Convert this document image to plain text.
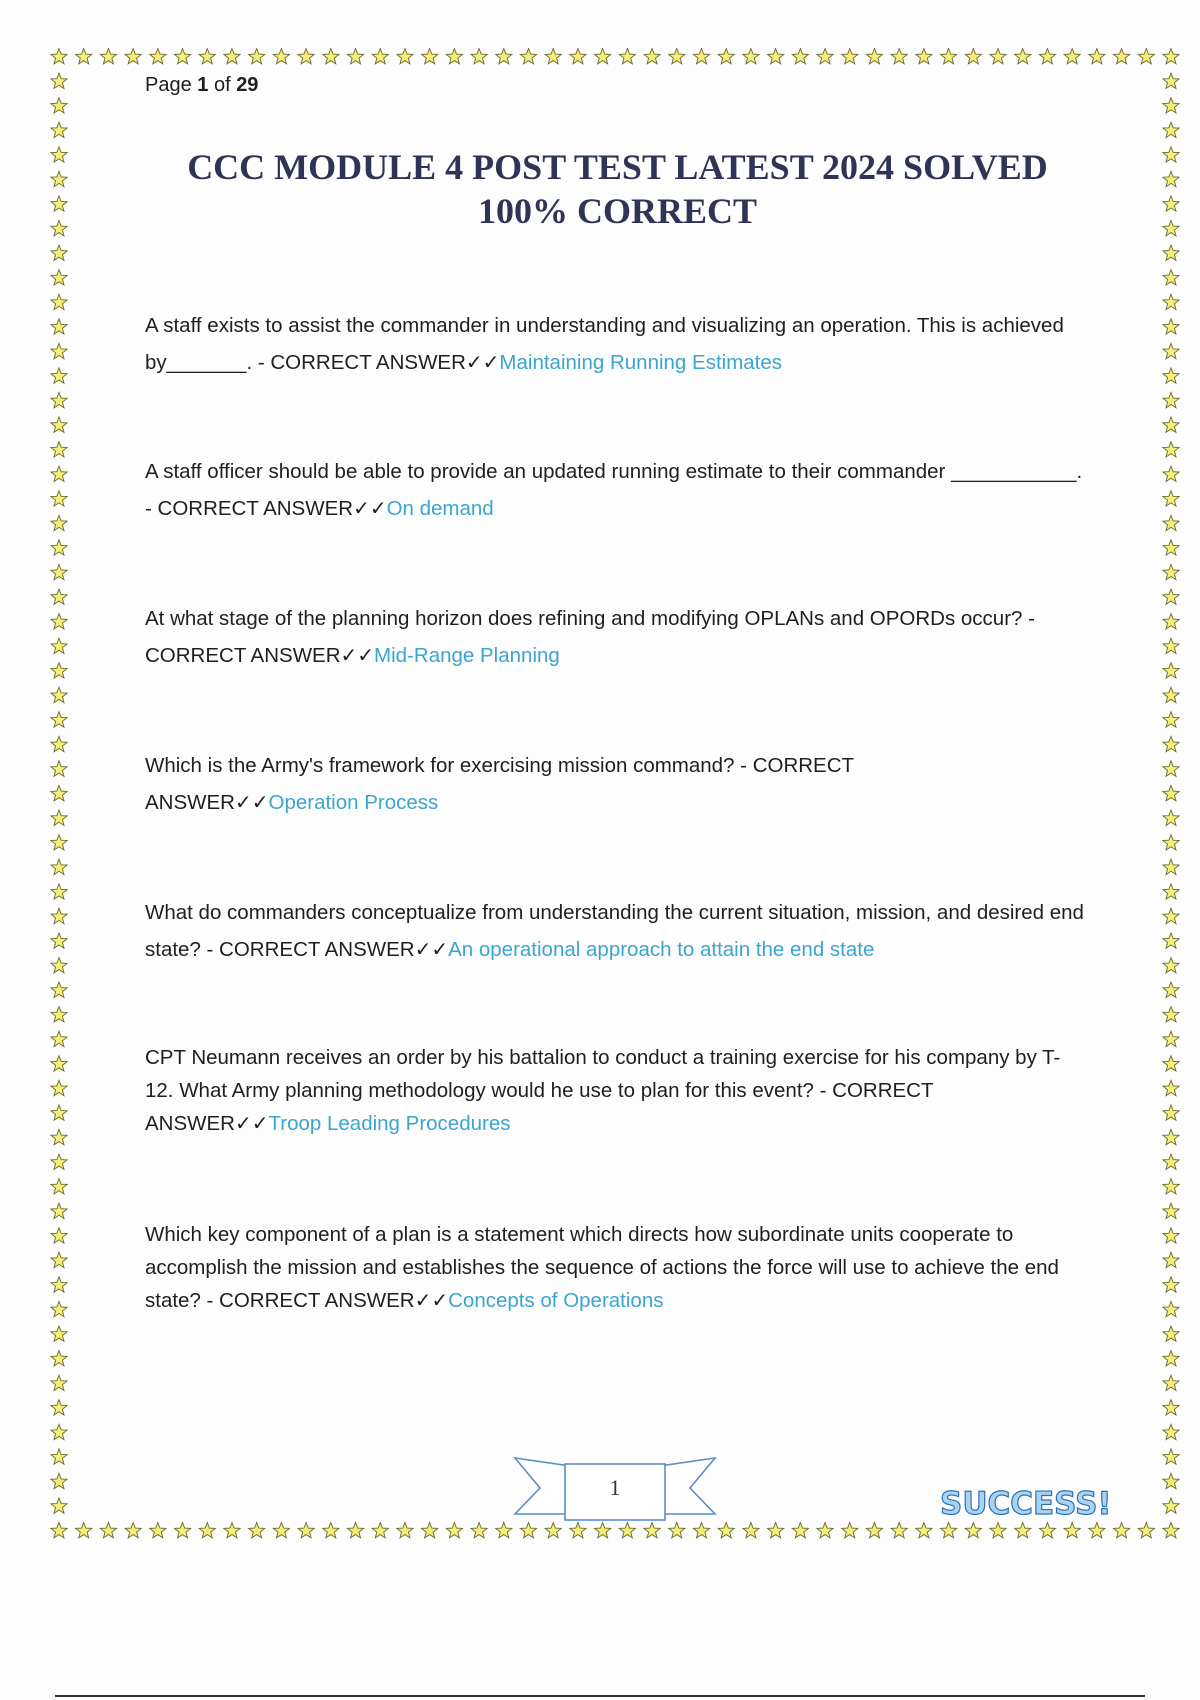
Page 1 of 29
CCC MODULE 4 POST TEST LATEST 2024 SOLVED 100% CORRECT
A staff exists to assist the commander in understanding and visualizing an operation. This is achieved by_______. - CORRECT ANSWER✓✓Maintaining Running Estimates
A staff officer should be able to provide an updated running estimate to their commander ___________. - CORRECT ANSWER✓✓On demand
At what stage of the planning horizon does refining and modifying OPLANs and OPORDs occur? - CORRECT ANSWER✓✓Mid-Range Planning
Which is the Army's framework for exercising mission command? - CORRECT ANSWER✓✓Operation Process
What do commanders conceptualize from understanding the current situation, mission, and desired end state? - CORRECT ANSWER✓✓An operational approach to attain the end state
CPT Neumann receives an order by his battalion to conduct a training exercise for his company by T-12. What Army planning methodology would he use to plan for this event? - CORRECT ANSWER✓✓Troop Leading Procedures
Which key component of a plan is a statement which directs how subordinate units cooperate to accomplish the mission and establishes the sequence of actions the force will use to achieve the end state? - CORRECT ANSWER✓✓Concepts of Operations
1	SUCCESS!
